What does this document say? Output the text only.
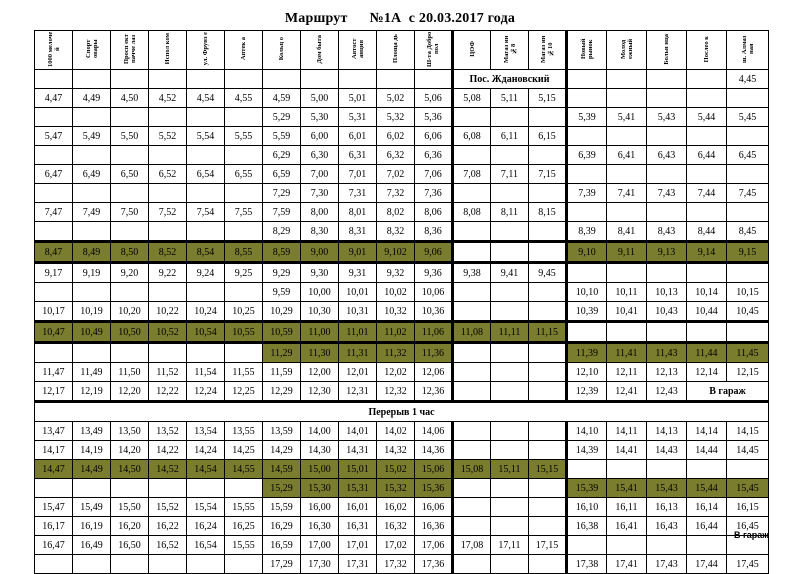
Маршрут №1А с 20.03.2017 года
1000 мелоче й	Спорт овары	Просп ект пачче лаз	Испол ком	ул. Фрунз е	Аптек а	Кольц о	Дом быта	Автост анция	Площа дь	Ш-та Добро пол	ЦОФ	Магаз ин №8	Магаз ин №10	Новый рынок	Молод ежный	Больн ица	Послео к	ш. Алмаз ная
											Пос. Ждановский							4,45
4,47	4,49	4,50	4,52	4,54	4,55	4,59	5,00	5,01	5,02	5,06	5,08	5,11	5,15					
						5,29	5,30	5,31	5,32	5,36				5,39	5,41	5,43	5,44	5,45
5,47	5,49	5,50	5,52	5,54	5,55	5,59	6,00	6,01	6,02	6,06	6,08	6,11	6,15					
						6,29	6,30	6,31	6,32	6,36				6,39	6,41	6,43	6,44	6,45
6,47	6,49	6,50	6,52	6,54	6,55	6,59	7,00	7,01	7,02	7,06	7,08	7,11	7,15					
						7,29	7,30	7,31	7,32	7,36				7,39	7,41	7,43	7,44	7,45
7,47	7,49	7,50	7,52	7,54	7,55	7,59	8,00	8,01	8,02	8,06	8,08	8,11	8,15					
						8,29	8,30	8,31	8,32	8,36				8,39	8,41	8,43	8,44	8,45
8,47	8,49	8,50	8,52	8,54	8,55	8,59	9,00	9,01	9,102	9,06				9,10	9,11	9,13	9,14	9,15
9,17	9,19	9,20	9,22	9,24	9,25	9,29	9,30	9,31	9,32	9,36	9,38	9,41	9,45					
						9,59	10,00	10,01	10,02	10,06				10,10	10,11	10,13	10,14	10,15
10,17	10,19	10,20	10,22	10,24	10,25	10,29	10,30	10,31	10,32	10,36				10,39	10,41	10,43	10,44	10,45
10,47	10,49	10,50	10,52	10,54	10,55	10,59	11,00	11,01	11,02	11,06	11,08	11,11	11,15					
						11,29	11,30	11,31	11,32	11,36				11,39	11,41	11,43	11,44	11,45
11,47	11,49	11,50	11,52	11,54	11,55	11,59	12,00	12,01	12,02	12,06				12,10	12,11	12,13	12,14	12,15
12,17	12,19	12,20	12,22	12,24	12,25	12,29	12,30	12,31	12,32	12,36				12,39	12,41	12,43	В гараж	
Перерыв 1 час																		
13,47	13,49	13,50	13,52	13,54	13,55	13,59	14,00	14,01	14,02	14,06				14,10	14,11	14,13	14,14	14,15
14,17	14,19	14,20	14,22	14,24	14,25	14,29	14,30	14,31	14,32	14,36				14,39	14,41	14,43	14,44	14,45
14,47	14,49	14,50	14,52	14,54	14,55	14,59	15,00	15,01	15,02	15,06	15,08	15,11	15,15					
						15,29	15,30	15,31	15,32	15,36				15,39	15,41	15,43	15,44	15,45
15,47	15,49	15,50	15,52	15,54	15,55	15,59	16,00	16,01	16,02	16,06				16,10	16,11	16,13	16,14	16,15
16,17	16,19	16,20	16,22	16,24	16,25	16,29	16,30	16,31	16,32	16,36				16,38	16,41	16,43	16,44	16,45
16,47	16,49	16,50	16,52	16,54	15,55	16,59	17,00	17,01	17,02	17,06	17,08	17,11	17,15					
						17,29	17,30	17,31	17,32	17,36				17,38	17,41	17,43	17,44	17,45
В гараж
